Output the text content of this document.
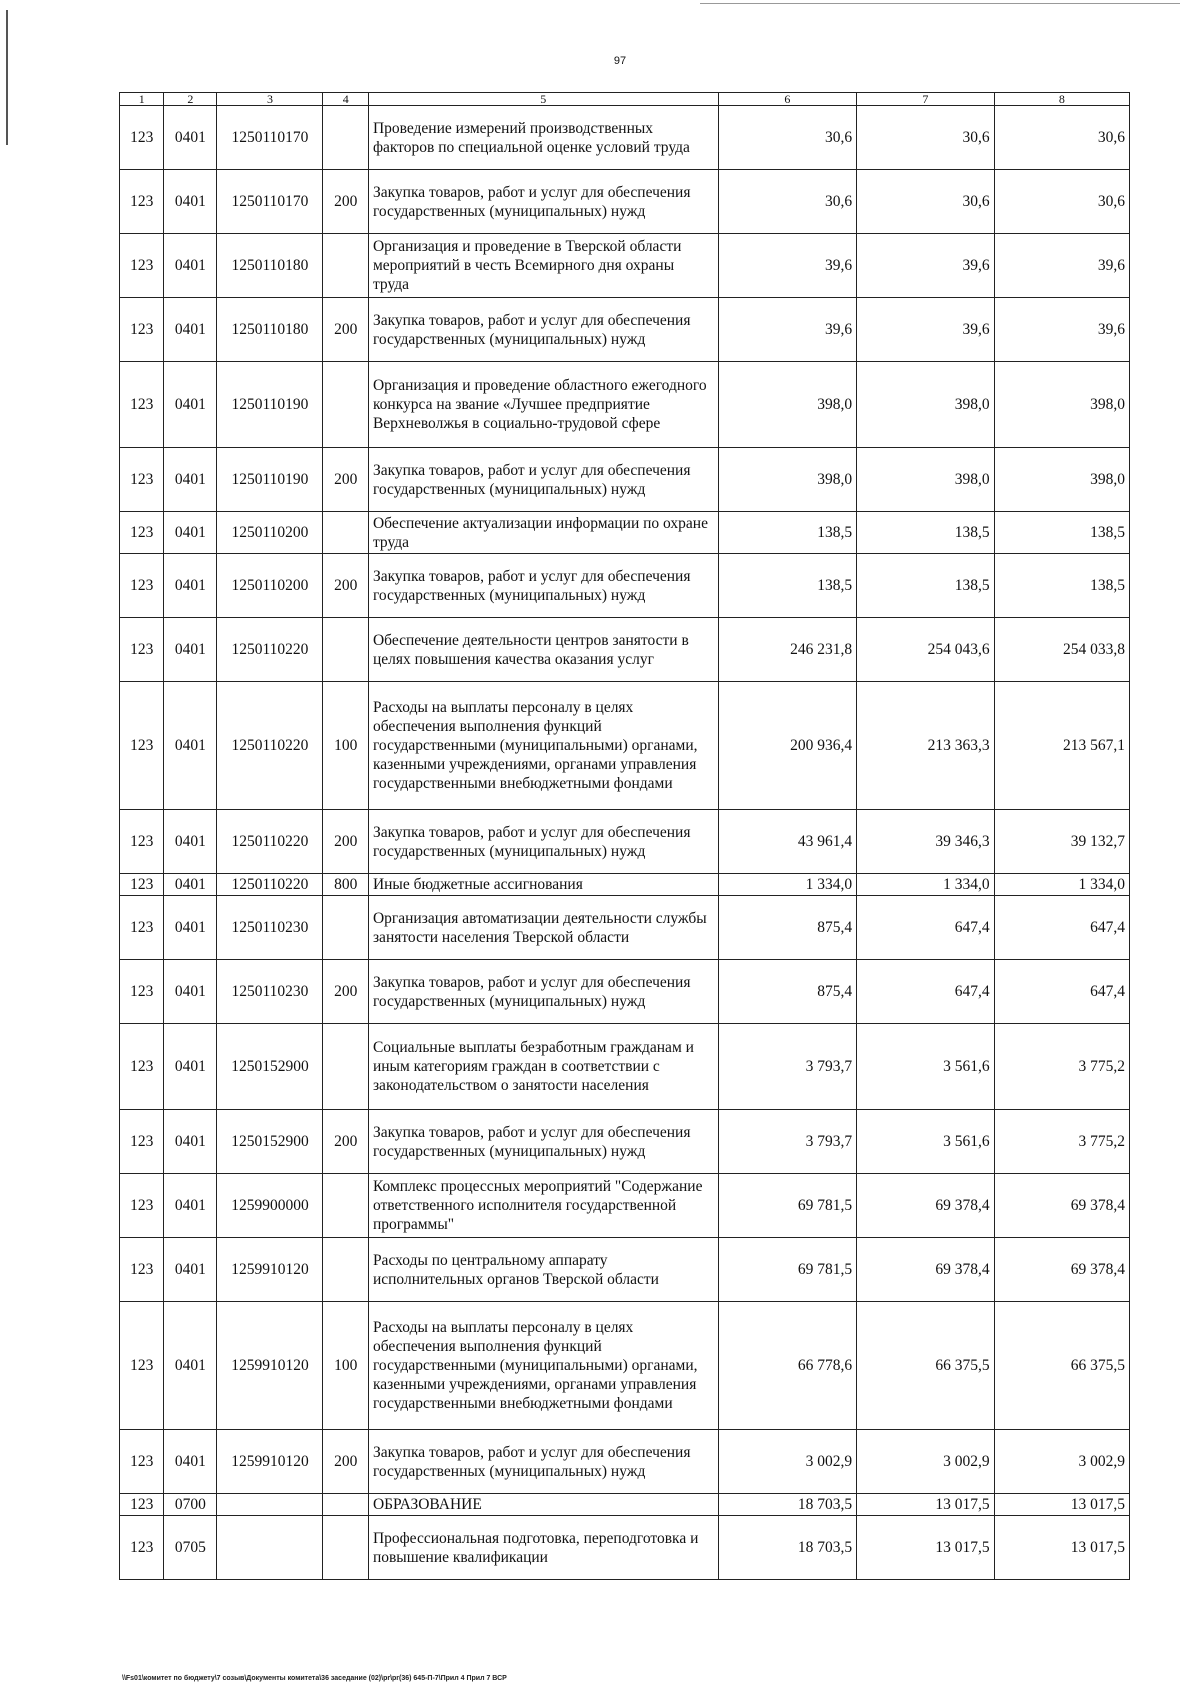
97
1	2	3	4	5	6	7	8
123	0401	1250110170		Проведение измерений производственных факторов по специальной оценке условий труда	30,6	30,6	30,6
123	0401	1250110170	200	Закупка товаров, работ и услуг для обеспечения государственных (муниципальных) нужд	30,6	30,6	30,6
123	0401	1250110180		Организация и проведение в Тверской области мероприятий в честь Всемирного дня охраны труда	39,6	39,6	39,6
123	0401	1250110180	200	Закупка товаров, работ и услуг для обеспечения государственных (муниципальных) нужд	39,6	39,6	39,6
123	0401	1250110190		Организация и проведение областного ежегодного конкурса на звание «Лучшее предприятие Верхневолжья в социально-трудовой сфере	398,0	398,0	398,0
123	0401	1250110190	200	Закупка товаров, работ и услуг для обеспечения государственных (муниципальных) нужд	398,0	398,0	398,0
123	0401	1250110200		Обеспечение актуализации информации по охране труда	138,5	138,5	138,5
123	0401	1250110200	200	Закупка товаров, работ и услуг для обеспечения государственных (муниципальных) нужд	138,5	138,5	138,5
123	0401	1250110220		Обеспечение деятельности центров занятости в целях повышения качества оказания услуг	246 231,8	254 043,6	254 033,8
123	0401	1250110220	100	Расходы на выплаты персоналу в целях обеспечения выполнения функций государственными (муниципальными) органами, казенными учреждениями, органами управления государственными внебюджетными фондами	200 936,4	213 363,3	213 567,1
123	0401	1250110220	200	Закупка товаров, работ и услуг для обеспечения государственных (муниципальных) нужд	43 961,4	39 346,3	39 132,7
123	0401	1250110220	800	Иные бюджетные ассигнования	1 334,0	1 334,0	1 334,0
123	0401	1250110230		Организация автоматизации деятельности службы занятости населения Тверской области	875,4	647,4	647,4
123	0401	1250110230	200	Закупка товаров, работ и услуг для обеспечения государственных (муниципальных) нужд	875,4	647,4	647,4
123	0401	1250152900		Социальные выплаты безработным гражданам и иным категориям граждан в соответствии с законодательством о занятости населения	3 793,7	3 561,6	3 775,2
123	0401	1250152900	200	Закупка товаров, работ и услуг для обеспечения государственных (муниципальных) нужд	3 793,7	3 561,6	3 775,2
123	0401	1259900000		Комплекс процессных мероприятий "Содержание ответственного исполнителя государственной программы"	69 781,5	69 378,4	69 378,4
123	0401	1259910120		Расходы по центральному аппарату исполнительных органов Тверской области	69 781,5	69 378,4	69 378,4
123	0401	1259910120	100	Расходы на выплаты персоналу в целях обеспечения выполнения функций государственными (муниципальными) органами, казенными учреждениями, органами управления государственными внебюджетными фондами	66 778,6	66 375,5	66 375,5
123	0401	1259910120	200	Закупка товаров, работ и услуг для обеспечения государственных (муниципальных) нужд	3 002,9	3 002,9	3 002,9
123	0700			ОБРАЗОВАНИЕ	18 703,5	13 017,5	13 017,5
123	0705			Профессиональная подготовка, переподготовка и повышение квалификации	18 703,5	13 017,5	13 017,5
\\Fs01\комитет по бюджету\7 созыв\Документы комитета\36 заседание (02)\pr\pr(36) 645-П-7\Прил 4 Прил 7 ВСР
